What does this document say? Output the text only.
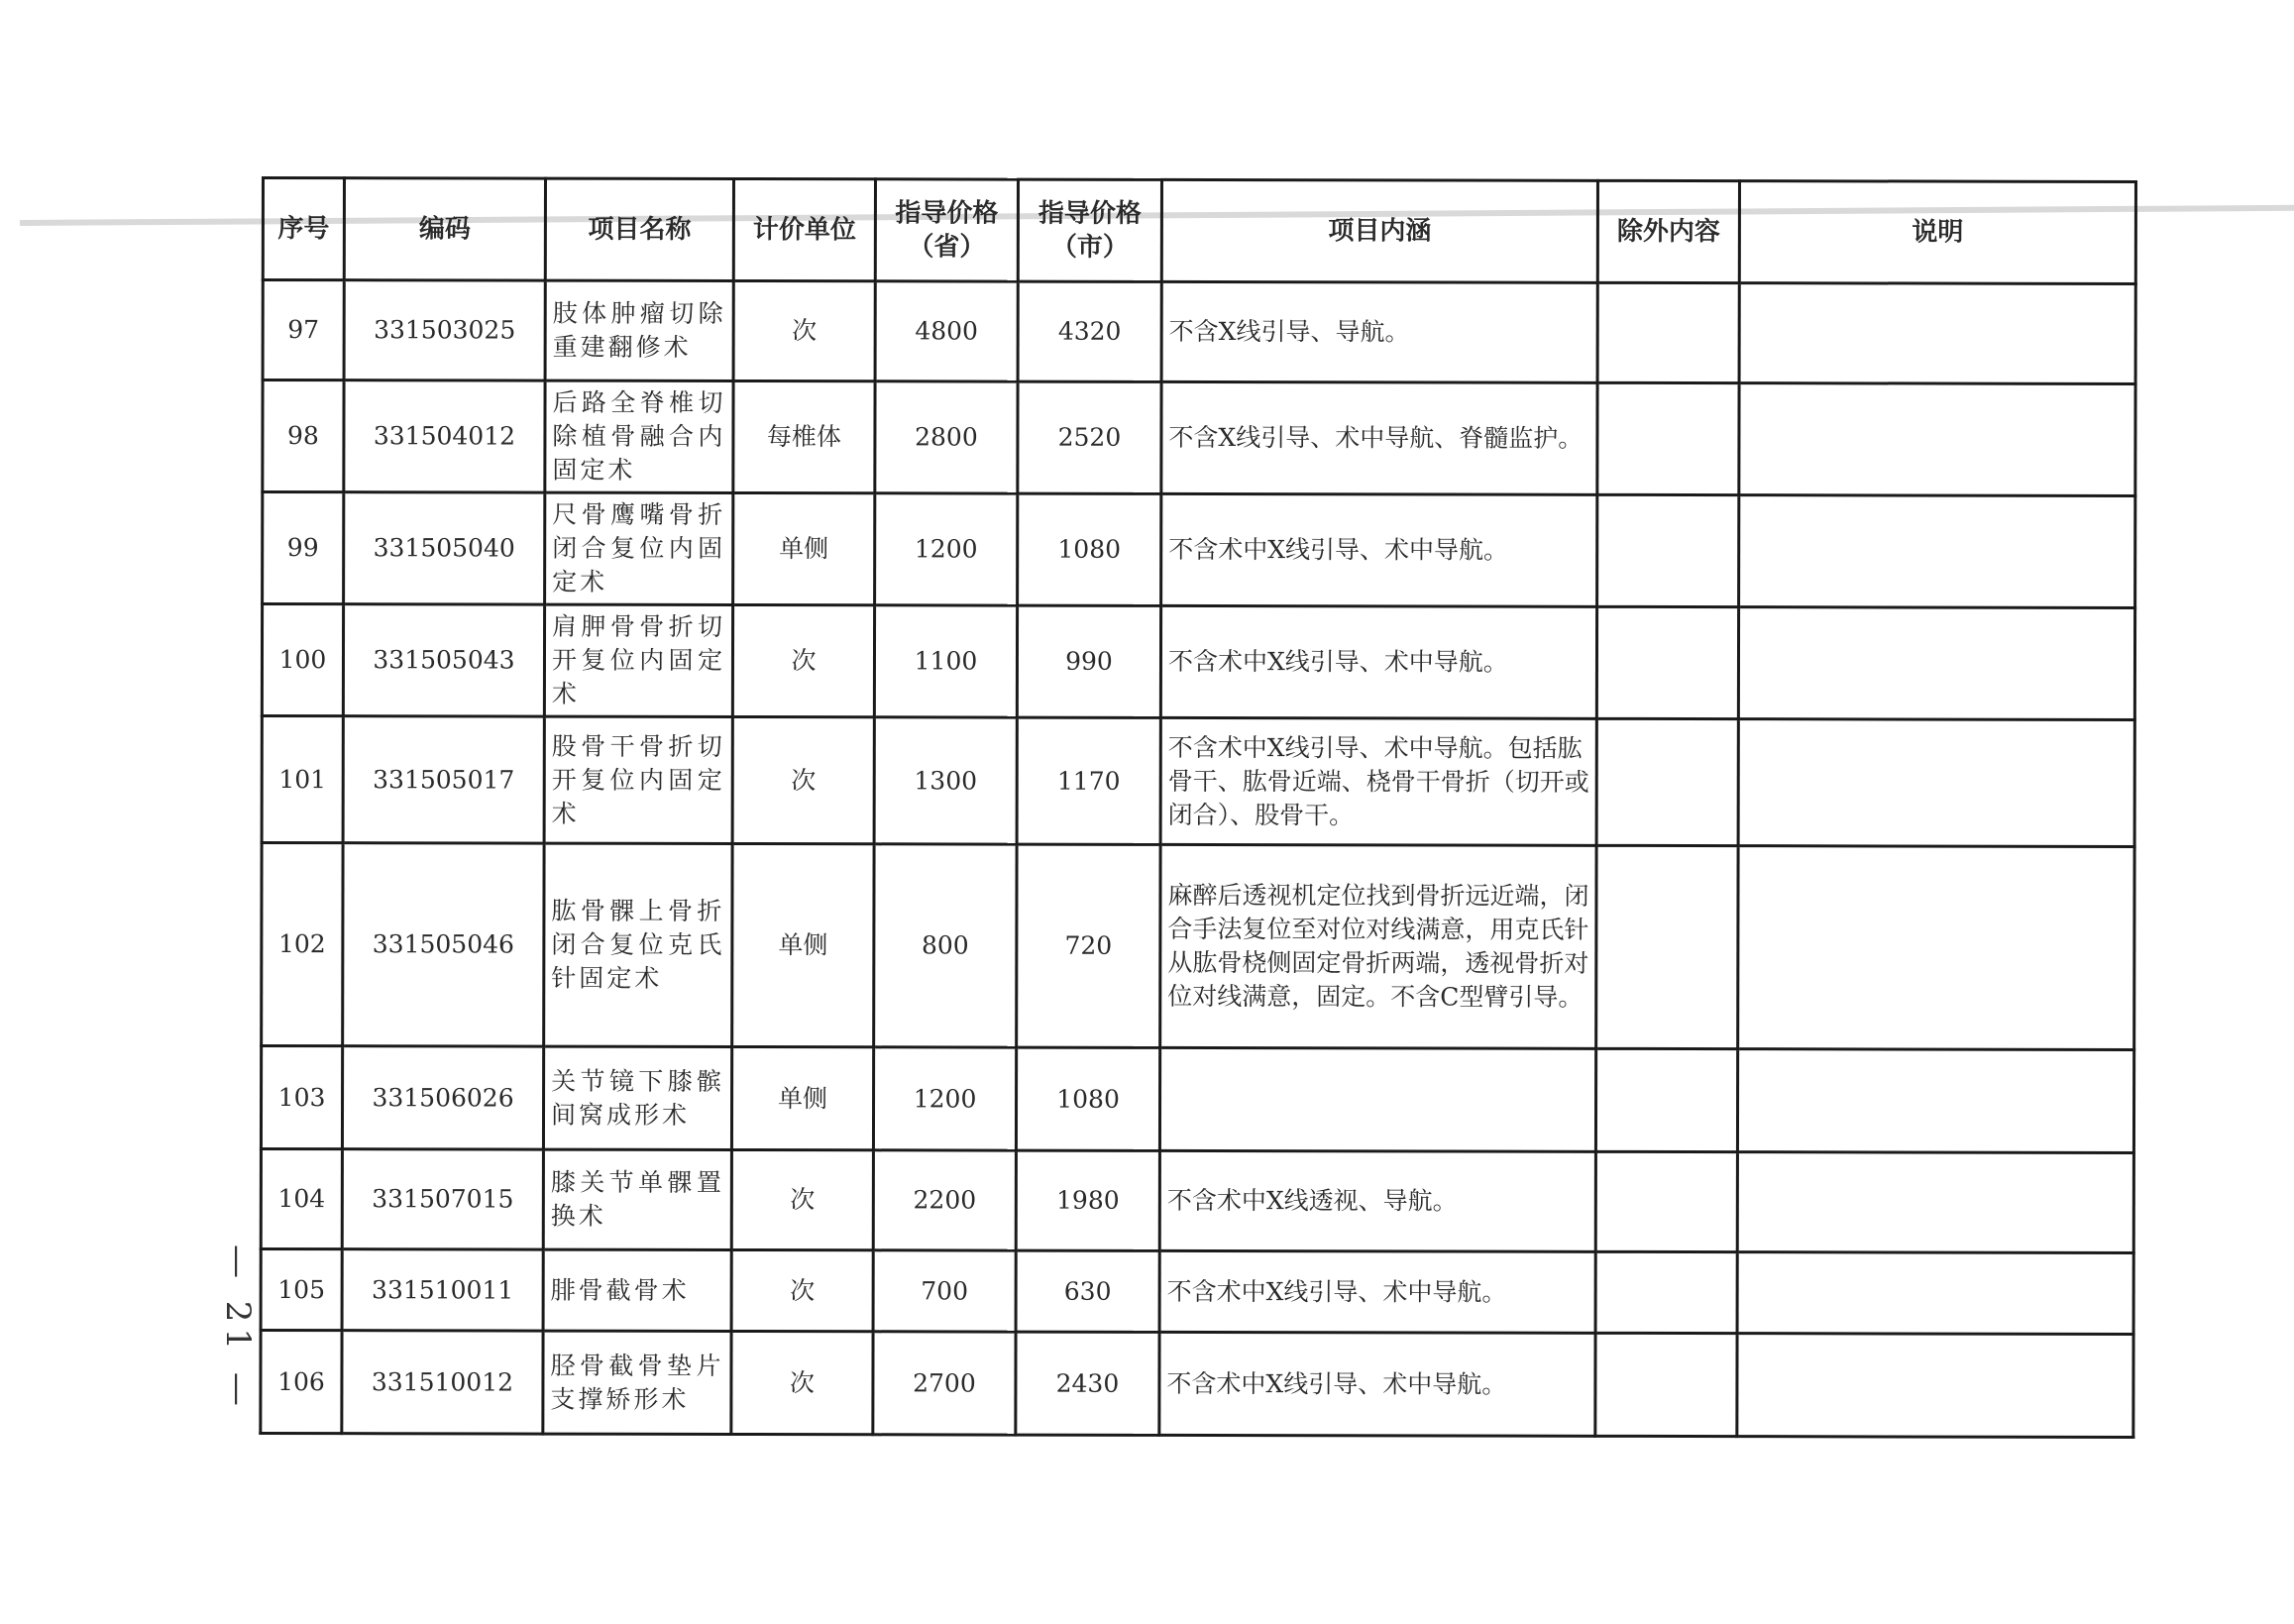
序号	编码	项目名称	计价单位	指导价格（省）	指导价格（市）	项目内涵	除外内容	说明
97	331503025	肢体肿瘤切除重建翻修术	次	4800	4320	不含X线引导、导航。		
98	331504012	后路全脊椎切除植骨融合内固定术	每椎体	2800	2520	不含X线引导、术中导航、脊髓监护。		
99	331505040	尺骨鹰嘴骨折闭合复位内固定术	单侧	1200	1080	不含术中X线引导、术中导航。		
100	331505043	肩胛骨骨折切开复位内固定术	次	1100	990	不含术中X线引导、术中导航。		
101	331505017	股骨干骨折切开复位内固定术	次	1300	1170	不含术中X线引导、术中导航。包括肱骨干、肱骨近端、桡骨干骨折（切开或闭合）、股骨干。		
102	331505046	肱骨髁上骨折闭合复位克氏针固定术	单侧	800	720	麻醉后透视机定位找到骨折远近端，闭合手法复位至对位对线满意，用克氏针从肱骨桡侧固定骨折两端，透视骨折对位对线满意，固定。不含C型臂引导。		
103	331506026	关节镜下膝髌间窝成形术	单侧	1200	1080			
104	331507015	膝关节单髁置换术	次	2200	1980	不含术中X线透视、导航。		
105	331510011	腓骨截骨术	次	700	630	不含术中X线引导、术中导航。		
106	331510012	胫骨截骨垫片支撑矫形术	次	2700	2430	不含术中X线引导、术中导航。		
— 21 —
